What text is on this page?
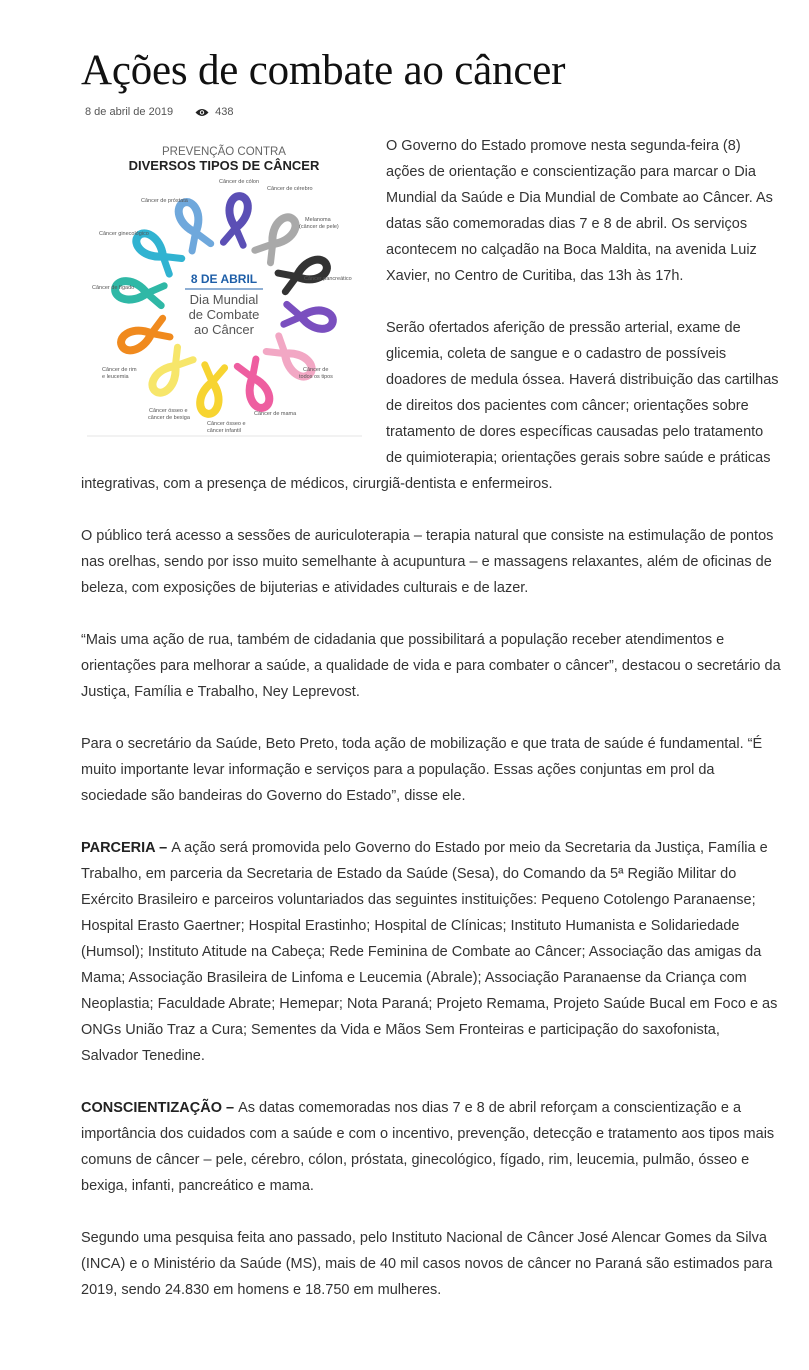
Ações de combate ao câncer
8 de abril de 2019	438
PREVENÇÃO CONTRA
DIVERSOS TIPOS DE CÂNCER
8 DE ABRIL
Dia Mundial
de Combate
ao Câncer
Câncer de cólon
Câncer de cérebro
Câncer de próstata
Melanoma
(câncer de pele)
Câncer ginecológico
Câncer de fígado
Câncer pancreático
Câncer de rim
e leucemia
Câncer de
todos os tipos
Câncer ósseo e
câncer de bexiga
Câncer de mama
Câncer ósseo e
câncer infantil

O Governo do Estado promove nesta segunda-feira (8) ações de orientação e conscientização para marcar o Dia Mundial da Saúde e Dia Mundial de Combate ao Câncer. As datas são comemoradas dias 7 e 8 de abril. Os serviços acontecem no calçadão na Boca Maldita, na avenida Luiz Xavier, no Centro de Curitiba, das 13h às 17h.

Serão ofertados aferição de pressão arterial, exame de glicemia, coleta de sangue e o cadastro de possíveis doadores de medula óssea. Haverá distribuição das cartilhas de direitos dos pacientes com câncer; orientações sobre tratamento de dores específicas causadas pelo tratamento de quimioterapia; orientações gerais sobre saúde e práticas integrativas, com a presença de médicos, cirurgiã-dentista e enfermeiros.

O público terá acesso a sessões de auriculoterapia – terapia natural que consiste na estimulação de pontos nas orelhas, sendo por isso muito semelhante à acupuntura – e massagens relaxantes, além de oficinas de beleza, com exposições de bijuterias e atividades culturais e de lazer.

“Mais uma ação de rua, também de cidadania que possibilitará a população receber atendimentos e orientações para melhorar a saúde, a qualidade de vida e para combater o câncer”, destacou o secretário da Justiça, Família e Trabalho, Ney Leprevost.

Para o secretário da Saúde, Beto Preto, toda ação de mobilização e que trata de saúde é fundamental. “É muito importante levar informação e serviços para a população. Essas ações conjuntas em prol da sociedade são bandeiras do Governo do Estado”, disse ele.

PARCERIA – A ação será promovida pelo Governo do Estado por meio da Secretaria da Justiça, Família e Trabalho, em parceria da Secretaria de Estado da Saúde (Sesa), do Comando da 5ª Região Militar do Exército Brasileiro e parceiros voluntariados das seguintes instituições: Pequeno Cotolengo Paranaense; Hospital Erasto Gaertner; Hospital Erastinho; Hospital de Clínicas; Instituto Humanista e Solidariedade (Humsol); Instituto Atitude na Cabeça; Rede Feminina de Combate ao Câncer; Associação das amigas da Mama; Associação Brasileira de Linfoma e Leucemia (Abrale); Associação Paranaense da Criança com Neoplastia; Faculdade Abrate; Hemepar; Nota Paraná; Projeto Remama, Projeto Saúde Bucal em Foco e as ONGs União Traz a Cura; Sementes da Vida e Mãos Sem Fronteiras e participação do saxofonista, Salvador Tenedine.

CONSCIENTIZAÇÃO – As datas comemoradas nos dias 7 e 8 de abril reforçam a conscientização e a importância dos cuidados com a saúde e com o incentivo, prevenção, detecção e tratamento aos tipos mais comuns de câncer – pele, cérebro, cólon, próstata, ginecológico, fígado, rim, leucemia, pulmão, ósseo e bexiga, infanti, pancreático e mama.

Segundo uma pesquisa feita ano passado, pelo Instituto Nacional de Câncer José Alencar Gomes da Silva (INCA) e o Ministério da Saúde (MS), mais de 40 mil casos novos de câncer no Paraná são estimados para 2019, sendo 24.830 em homens e 18.750 em mulheres.
